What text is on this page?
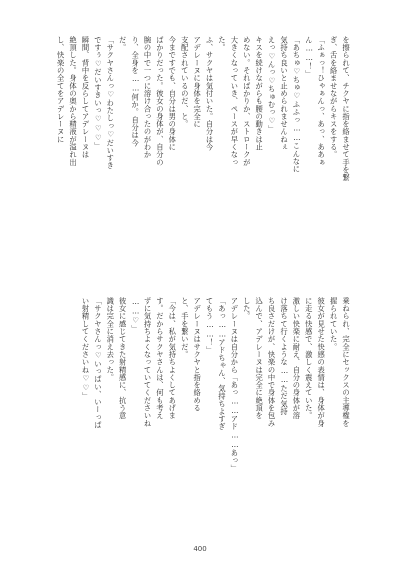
を擦られて、チクヤに指を絡ませて手を繋
ぎ、舌を絡ませながらキスをする。
「ふぁっ！ひゃぁんっ、あっ、ああぁ
ん……！」
「あちゅ♡ちゅ♡ふふっ……こんなに
気持ち良いと止められませんねぇ
えっ♡んっ♡ちゅむっ♡」
キスを続けながらも腰の動きは止
めない。そればかりか、ストロークが
大きくなっていき、ペースが早くなっ
た。
ふ、サクヤは気付いた。自分は今
アデレーヌに身体を完全に
支配されているのだ、と。
今まですでも、自分は男の身体に
ばかりだった。彼女の身体が、自分の
腕の中で一つに溶け合ったのがわか
り、全身を……何か。自分は今
だ。
「サクヤさんっ♡わたしっ♡だいすき
ですぅ♡だいすきいっ♡♡♡」
瞬間、背中を反らしてアデレーヌは
絶頂した。身体の奥から精液が溢れ出
し、快楽の全てをアデレーヌに
乗ねられ、完全にセックスの主導権を
握られていた。
彼女が見せた快感の表情は、身体が身
に走る快感で、激しく震えていた。
激しい快楽に耐え、自分の身体が溶
け落ちて行くような……ただ気持
ち良さだけが、快楽の中で身体を包み
込んで、アデレーヌは完全に絶頂を
した。
アデレーヌは自分から「あっ……アド……あっ」
「あっ……アドちゃん、気持ちよすぎ
てもう……！」
アデレーヌはサクヤと指を絡める
と、手を繋いだ。
「今は、私が気持ちよくしてあげま
す。だからサクヤさんは、何も考え
ずに気持ちよくなっていてくださいね
……♡」
彼女に感じてきた射精感に、抗う意
識は完全に消え去った。
「サクヤさんっ♡いっぱい、いーっぱ
い射精してくださいね♡♡」
400
